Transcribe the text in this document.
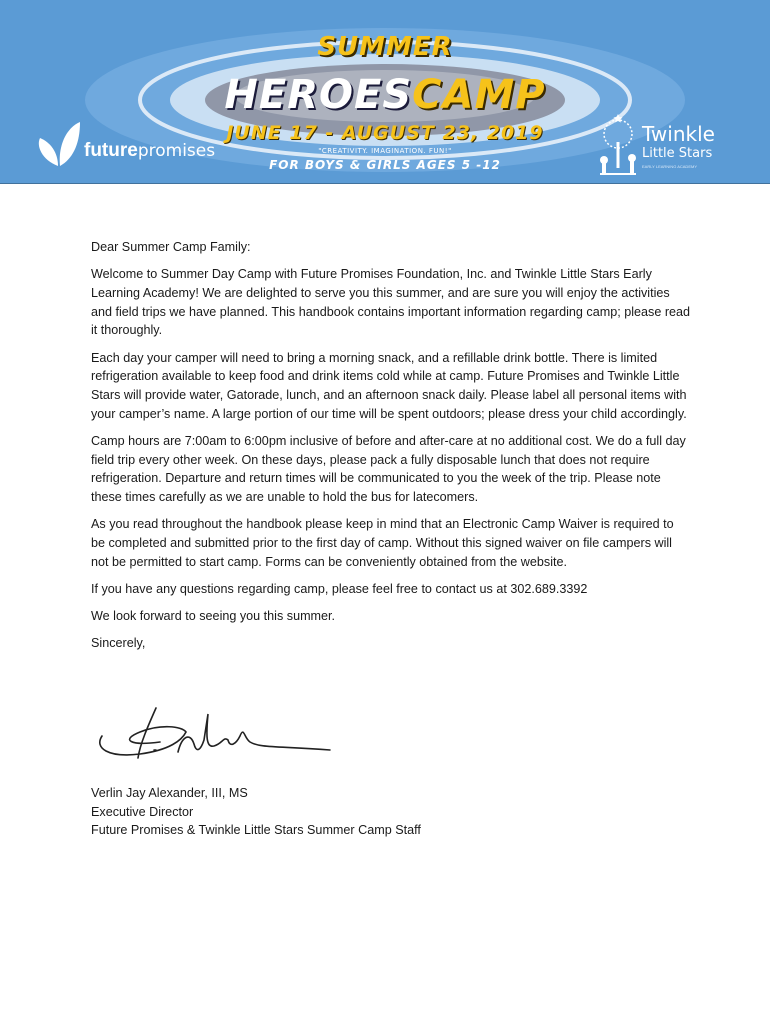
SUMMER
HEROESCAMP
JUNE 17 - AUGUST 23, 2019
"CREATIVITY. IMAGINATION. FUN!"
FOR BOYS & GIRLS AGES 5 -12
futurepromises
Twinkle
Little Stars
EARLY LEARNING ACADEMY

Dear Summer Camp Family:

Welcome to Summer Day Camp with Future Promises Foundation, Inc. and Twinkle Little Stars Early Learning Academy! We are delighted to serve you this summer, and are sure you will enjoy the activities and field trips we have planned. This handbook contains important information regarding camp; please read it thoroughly.

Each day your camper will need to bring a morning snack, and a refillable drink bottle. There is limited refrigeration available to keep food and drink items cold while at camp. Future Promises and Twinkle Little Stars will provide water, Gatorade, lunch, and an afternoon snack daily. Please label all personal items with your camper’s name. A large portion of our time will be spent outdoors; please dress your child accordingly.

Camp hours are 7:00am to 6:00pm inclusive of before and after-care at no additional cost. We do a full day field trip every other week. On these days, please pack a fully disposable lunch that does not require refrigeration. Departure and return times will be communicated to you the week of the trip. Please note these times carefully as we are unable to hold the bus for latecomers.

As you read throughout the handbook please keep in mind that an Electronic Camp Waiver is required to be completed and submitted prior to the first day of camp. Without this signed waiver on file campers will not be permitted to start camp. Forms can be conveniently obtained from the website.

If you have any questions regarding camp, please feel free to contact us at 302.689.3392

We look forward to seeing you this summer.

Sincerely,

Verlin Jay Alexander, III, MS
Executive Director
Future Promises & Twinkle Little Stars Summer Camp Staff
